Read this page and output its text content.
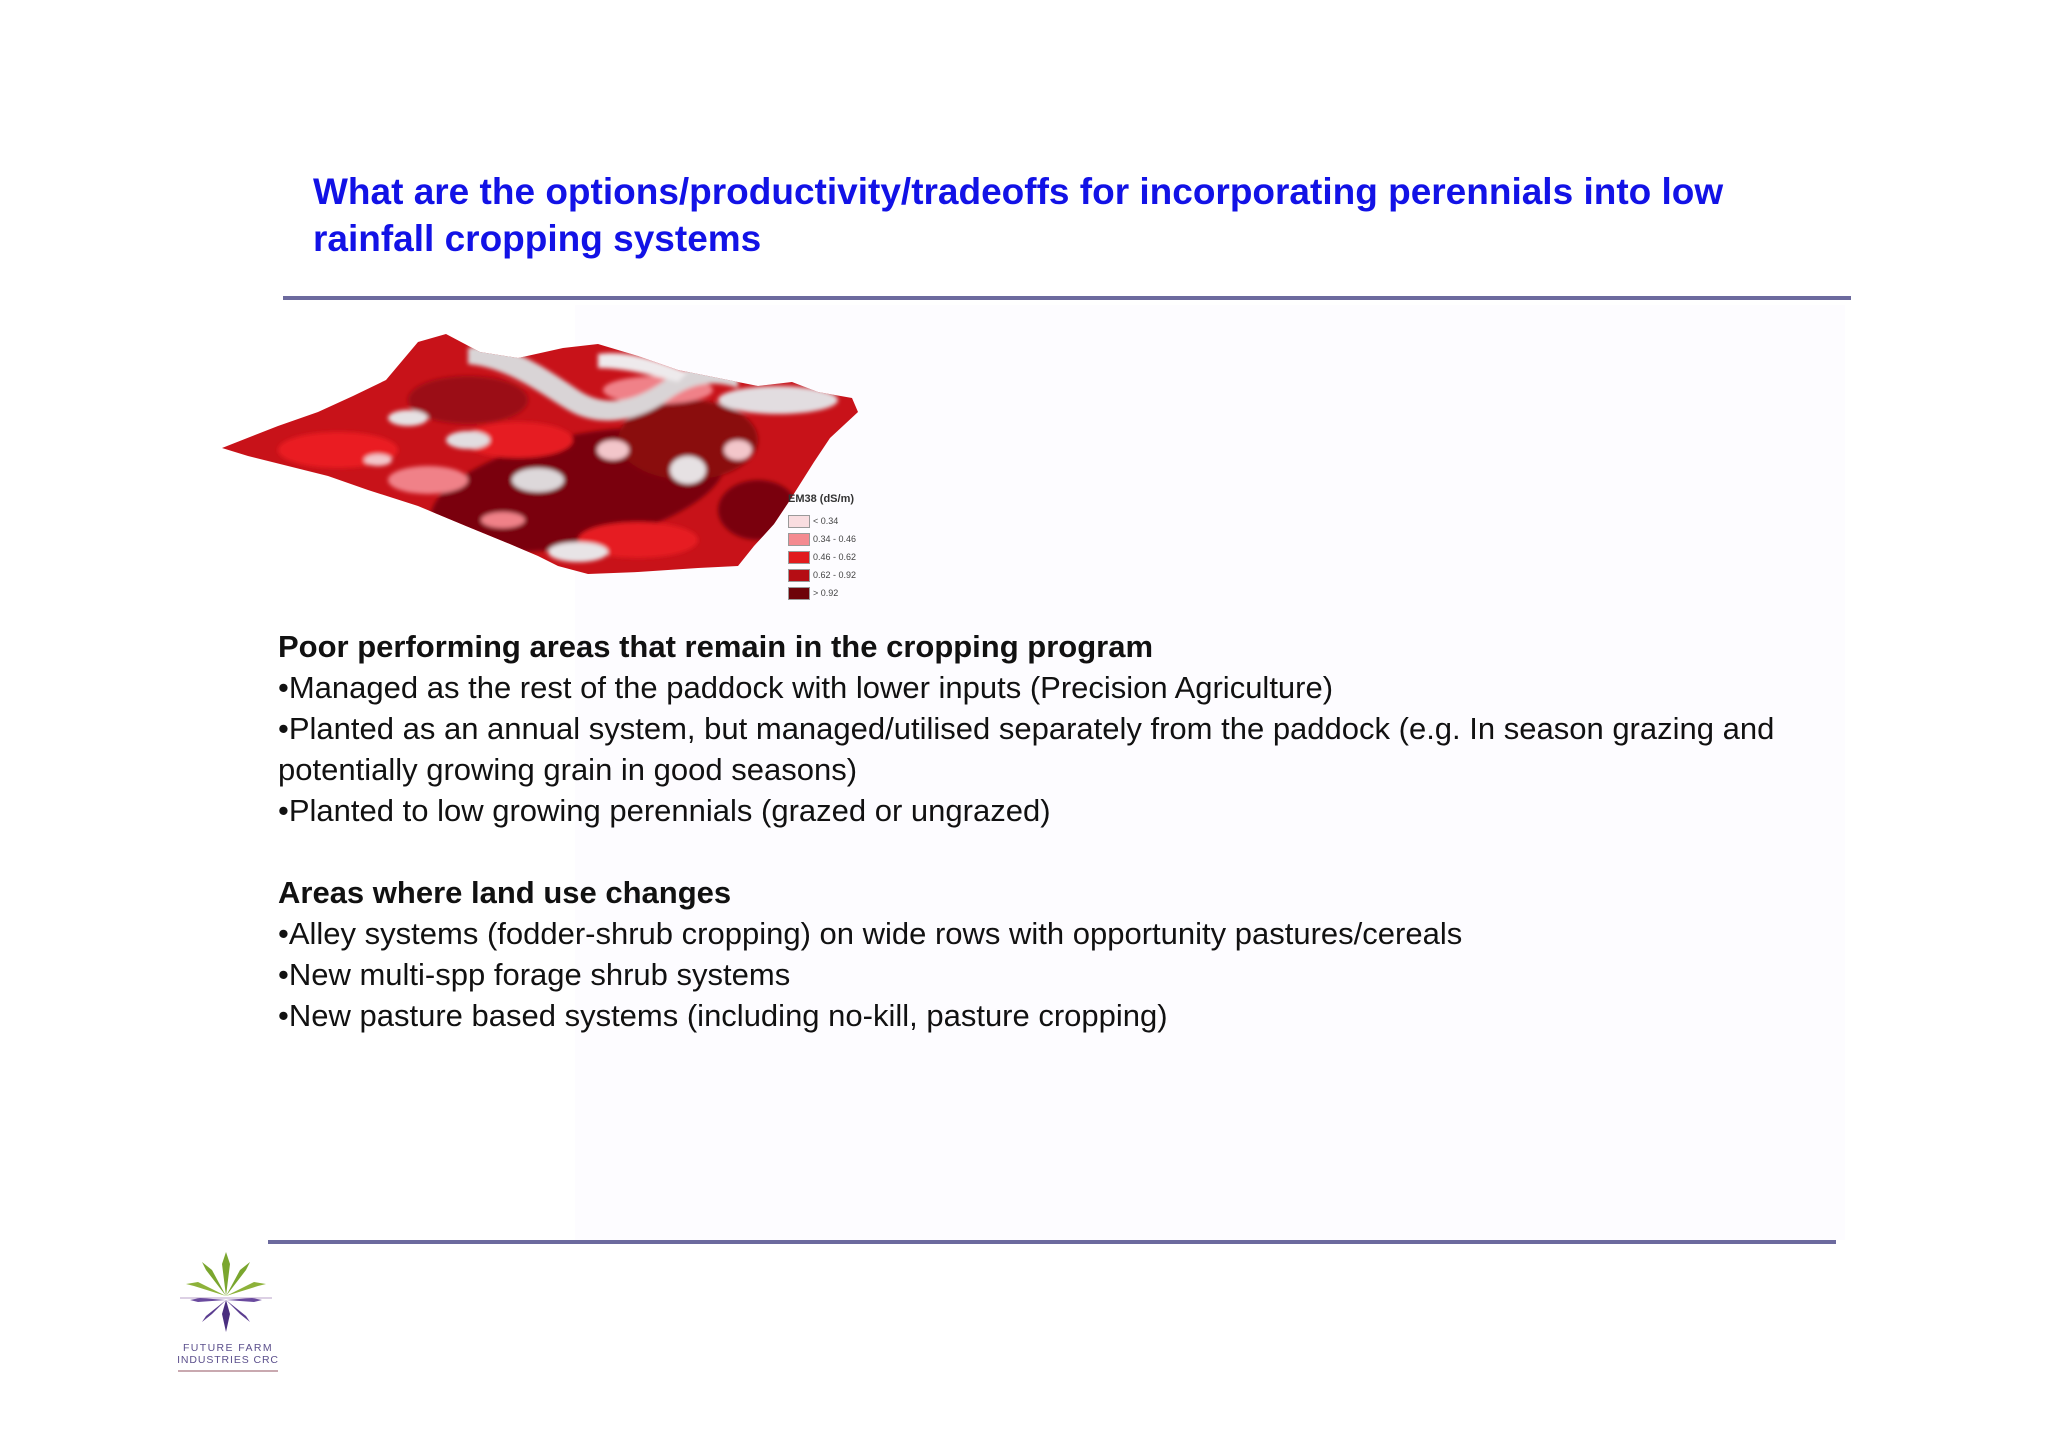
What are the options/productivity/tradeoffs for incorporating perennials into low rainfall cropping systems
EM38 (dS/m)
< 0.34
0.34 - 0.46
0.46 - 0.62
0.62 - 0.92
> 0.92
Poor performing areas that remain in the cropping program
•Managed as the rest of the paddock with lower inputs (Precision Agriculture)
•Planted as an annual system, but managed/utilised separately from the paddock (e.g. In season grazing and potentially growing grain in good seasons)
•Planted to low growing perennials (grazed or ungrazed)
Areas where land use changes
•Alley systems (fodder-shrub cropping) on wide rows with opportunity pastures/cereals
•New multi-spp forage shrub systems
•New pasture based systems (including no-kill, pasture cropping)
FUTURE FARM
INDUSTRIES CRC
